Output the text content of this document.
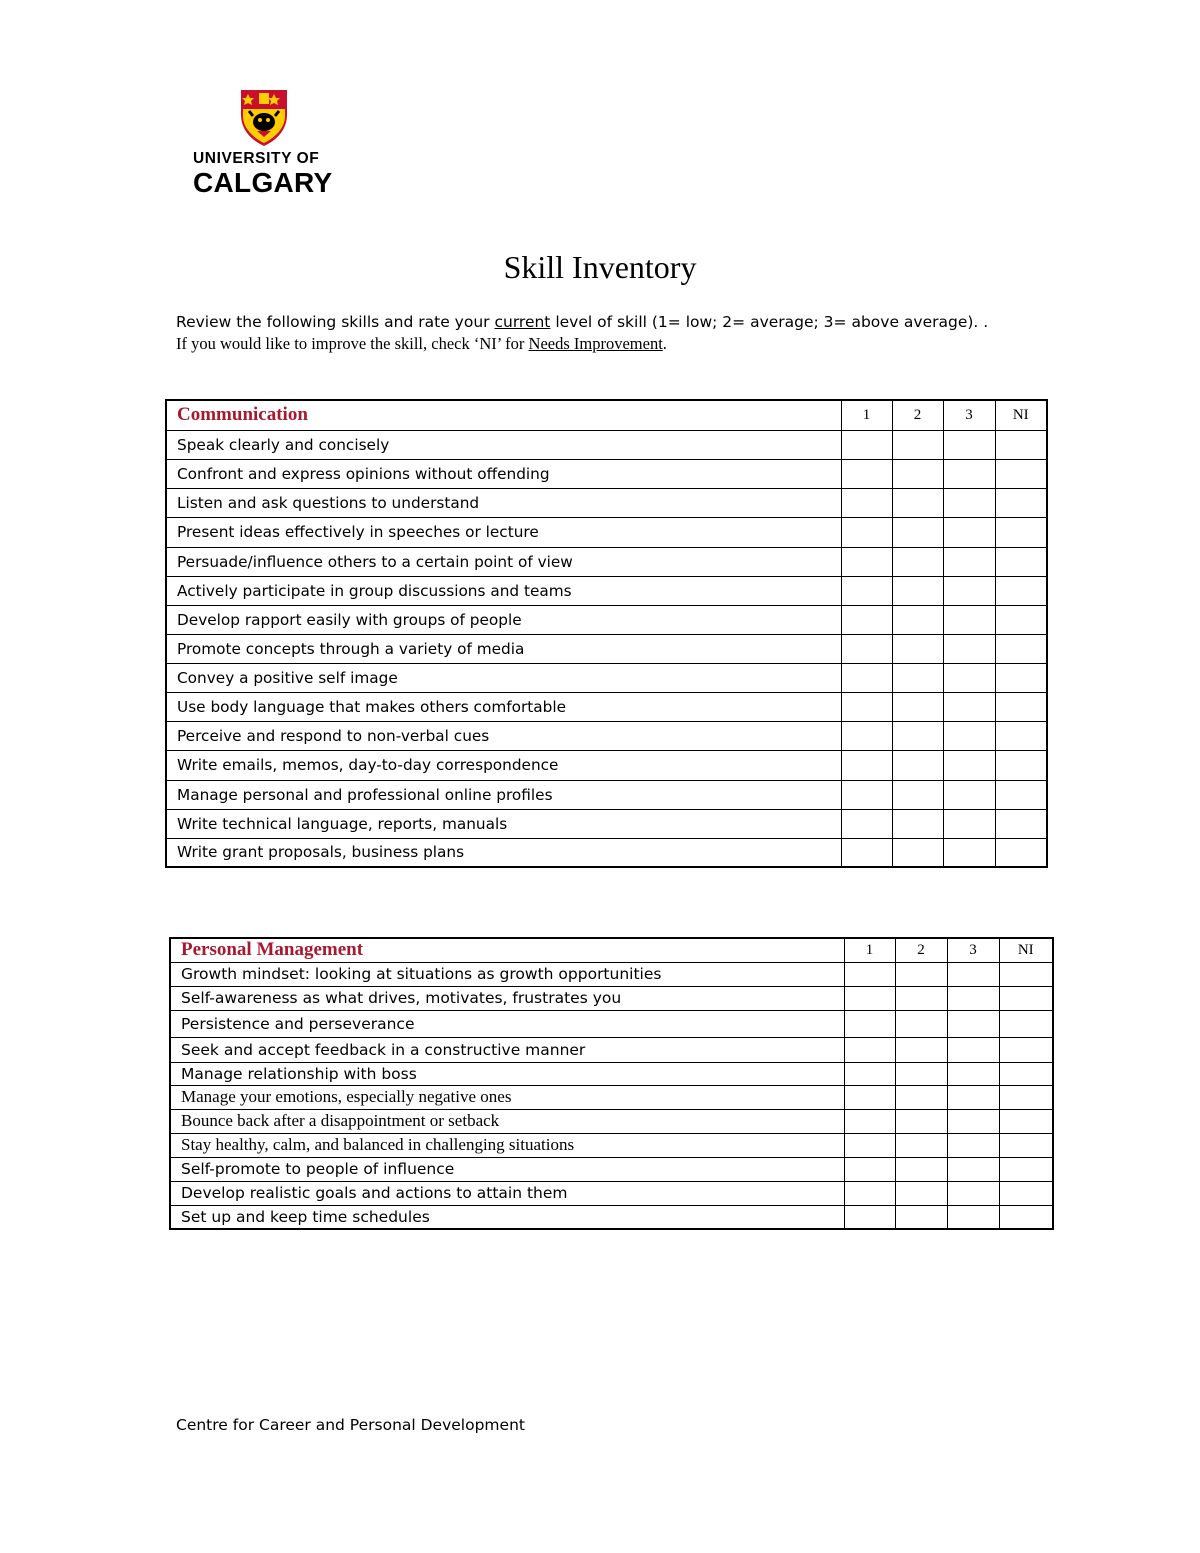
UNIVERSITY OF
CALGARY
Skill Inventory
Review the following skills and rate your current level of skill (1= low; 2= average; 3= above average). .
If you would like to improve the skill, check ‘NI’ for Needs Improvement.
Communication	1	2	3	NI
Speak clearly and concisely				
Confront and express opinions without offending				
Listen and ask questions to understand				
Present ideas effectively in speeches or lecture				
Persuade/influence others to a certain point of view				
Actively participate in group discussions and teams				
Develop rapport easily with groups of people				
Promote concepts through a variety of media				
Convey a positive self image				
Use body language that makes others comfortable				
Perceive and respond to non-verbal cues				
Write emails, memos, day-to-day correspondence				
Manage personal and professional online profiles				
Write technical language, reports, manuals				
Write grant proposals, business plans				
Personal Management	1	2	3	NI
Growth mindset: looking at situations as growth opportunities				
Self-awareness as what drives, motivates, frustrates you				
Persistence and perseverance				
Seek and accept feedback in a constructive manner				
Manage relationship with boss				
Manage your emotions, especially negative ones				
Bounce back after a disappointment or setback				
Stay healthy, calm, and balanced in challenging situations				
Self-promote to people of influence				
Develop realistic goals and actions to attain them				
Set up and keep time schedules				
Centre for Career and Personal Development
